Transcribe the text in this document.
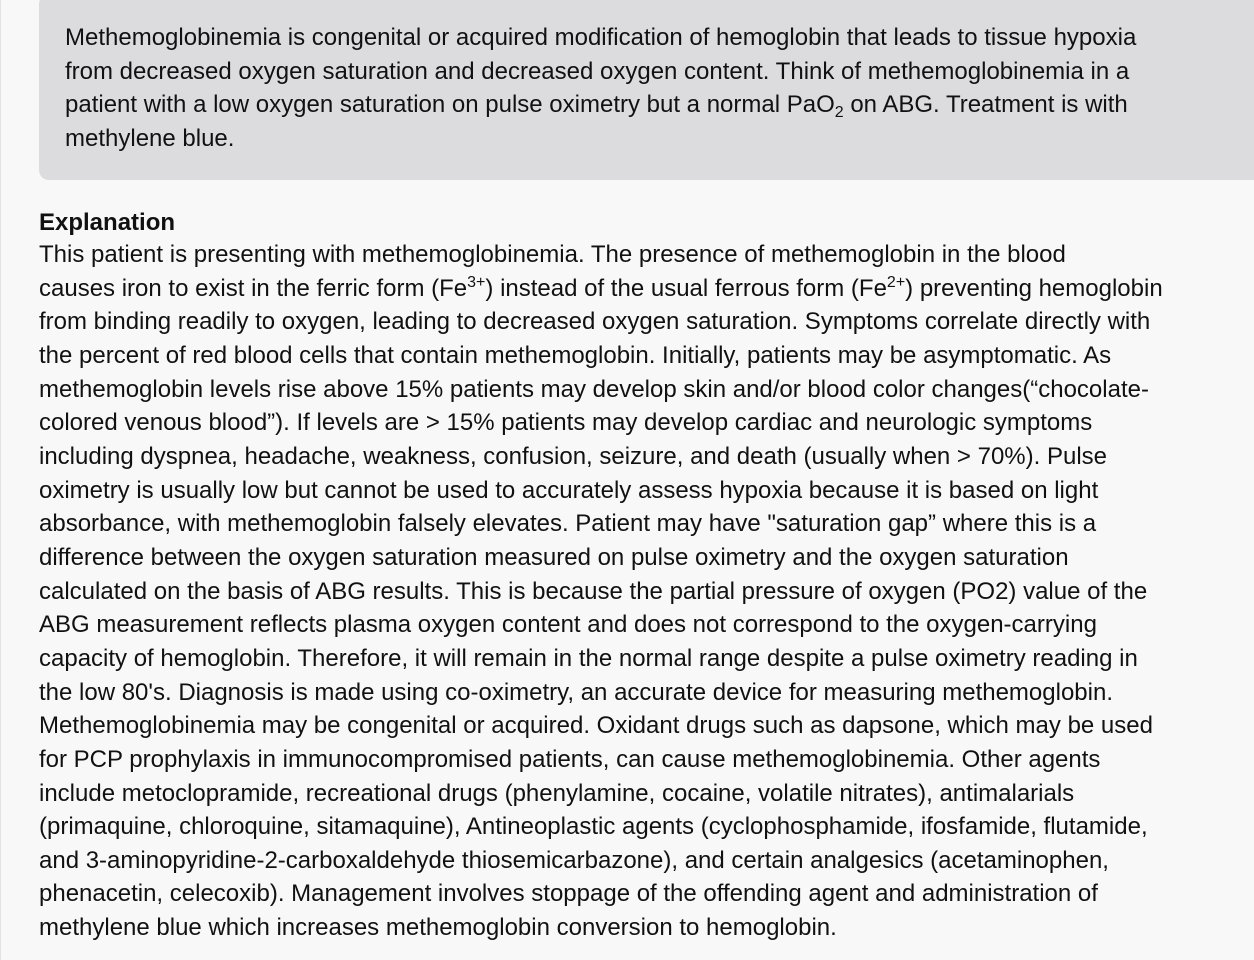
Methemoglobinemia is congenital or acquired modification of hemoglobin that leads to tissue hypoxia
from decreased oxygen saturation and decreased oxygen content. Think of methemoglobinemia in a
patient with a low oxygen saturation on pulse oximetry but a normal PaO$_2$ on ABG. Treatment is with
methylene blue.

Explanation

This patient is presenting with methemoglobinemia. The presence of methemoglobin in the blood
causes iron to exist in the ferric form $(Fe^{3+})$ instead of the usual ferrous form $(Fe^{2+})$ preventing hemoglobin
from binding readily to oxygen, leading to decreased oxygen saturation. Symptoms correlate directly with
the percent of red blood cells that contain methemoglobin. Initially, patients may be asymptomatic. As
methemoglobin levels rise above 15% patients may develop skin and/or blood color changes(“chocolate-
colored venous blood”). If levels are > 15% patients may develop cardiac and neurologic symptoms
including dyspnea, headache, weakness, confusion, seizure, and death (usually when > 70%). Pulse
oximetry is usually low but cannot be used to accurately assess hypoxia because it is based on light
absorbance, with methemoglobin falsely elevates. Patient may have "saturation gap” where this is a
difference between the oxygen saturation measured on pulse oximetry and the oxygen saturation
calculated on the basis of ABG results. This is because the partial pressure of oxygen (PO2) value of the
ABG measurement reflects plasma oxygen content and does not correspond to the oxygen-carrying
capacity of hemoglobin. Therefore, it will remain in the normal range despite a pulse oximetry reading in
the low 80's. Diagnosis is made using co-oximetry, an accurate device for measuring methemoglobin.
Methemoglobinemia may be congenital or acquired. Oxidant drugs such as dapsone, which may be used
for PCP prophylaxis in immunocompromised patients, can cause methemoglobinemia. Other agents
include metoclopramide, recreational drugs (phenylamine, cocaine, volatile nitrates), antimalarials
(primaquine, chloroquine, sitamaquine), Antineoplastic agents (cyclophosphamide, ifosfamide, flutamide,
and 3-aminopyridine-2-carboxaldehyde thiosemicarbazone), and certain analgesics (acetaminophen,
phenacetin, celecoxib). Management involves stoppage of the offending agent and administration of
methylene blue which increases methemoglobin conversion to hemoglobin.
